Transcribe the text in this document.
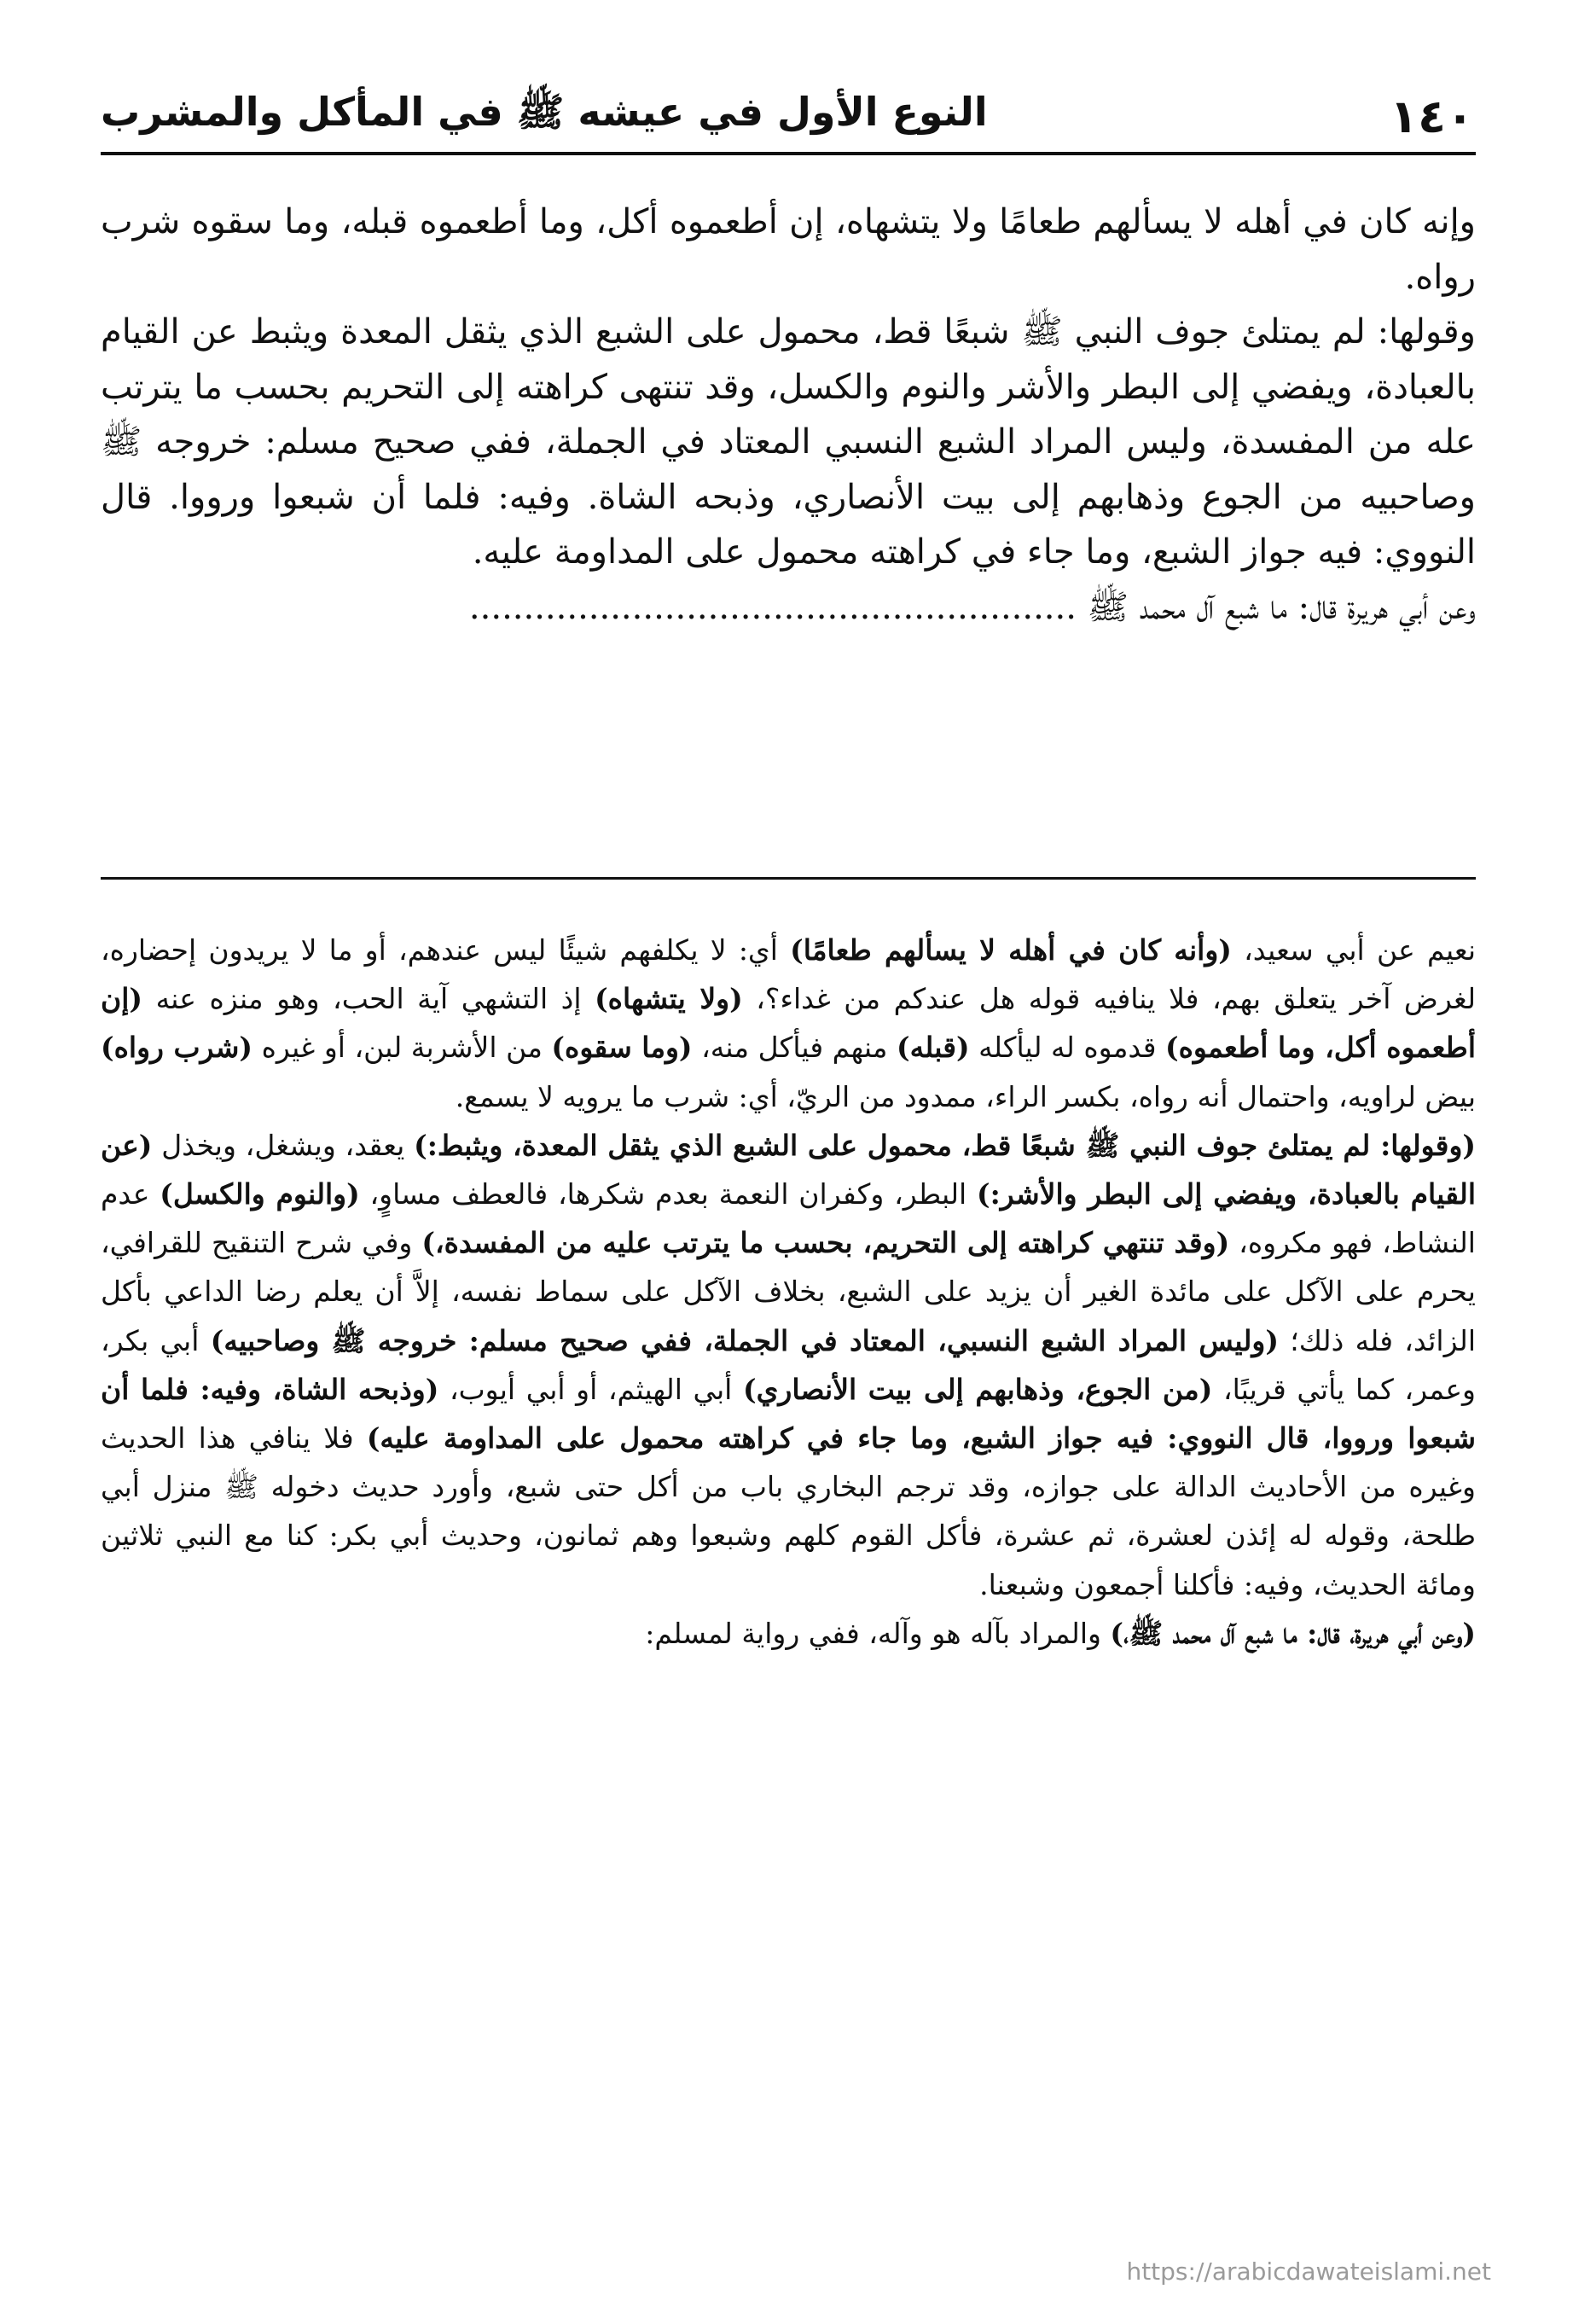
١٤٠
النوع الأول في عيشه ﷺ في المأكل والمشرب

وإنه كان في أهله لا يسألهم طعامًا ولا يتشهاه، إن أطعموه أكل، وما أطعموه قبله، وما سقوه شرب رواه.

وقولها: لم يمتلئ جوف النبي ﷺ شبعًا قط، محمول على الشبع الذي يثقل المعدة ويثبط عن القيام بالعبادة، ويفضي إلى البطر والأشر والنوم والكسل، وقد تنتهى كراهته إلى التحريم بحسب ما يترتب عله من المفسدة، وليس المراد الشبع النسبي المعتاد في الجملة، ففي صحيح مسلم: خروجه ﷺ وصاحبيه من الجوع وذهابهم إلى بيت الأنصاري، وذبحه الشاة. وفيه: فلما أن شبعوا ورووا. قال النووي: فيه جواز الشبع، وما جاء في كراهته محمول على المداومة عليه.

وعن أبي هريرة قال: ما شبع آل محمد ﷺ ........................................................

نعيم عن أبي سعيد، (وأنه كان في أهله لا يسألهم طعامًا) أي: لا يكلفهم شيئًا ليس عندهم، أو ما لا يريدون إحضاره، لغرض آخر يتعلق بهم، فلا ينافيه قوله هل عندكم من غداء؟، (ولا يتشهاه) إذ التشهي آية الحب، وهو منزه عنه (إن أطعموه أكل، وما أطعموه) قدموه له ليأكله (قبله) منهم فيأكل منه، (وما سقوه) من الأشربة لبن، أو غيره (شرب رواه) بيض لراويه، واحتمال أنه رواه، بكسر الراء، ممدود من الريّ، أي: شرب ما يرويه لا يسمع.

(وقولها: لم يمتلئ جوف النبي ﷺ شبعًا قط، محمول على الشبع الذي يثقل المعدة، ويثبط:) يعقد، ويشغل، ويخذل (عن القيام بالعبادة، ويفضي إلى البطر والأشر:) البطر، وكفران النعمة بعدم شكرها، فالعطف مساوٍ، (والنوم والكسل) عدم النشاط، فهو مكروه، (وقد تنتهي كراهته إلى التحريم، بحسب ما يترتب عليه من المفسدة،) وفي شرح التنقيح للقرافي، يحرم على الآكل على مائدة الغير أن يزيد على الشبع، بخلاف الآكل على سماط نفسه، إلاَّ أن يعلم رضا الداعي بأكل الزائد، فله ذلك؛ (وليس المراد الشبع النسبي، المعتاد في الجملة، ففي صحيح مسلم: خروجه ﷺ وصاحبيه) أبي بكر، وعمر، كما يأتي قريبًا، (من الجوع، وذهابهم إلى بيت الأنصاري) أبي الهيثم، أو أبي أيوب، (وذبحه الشاة، وفيه: فلما أن شبعوا ورووا، قال النووي: فيه جواز الشبع، وما جاء في كراهته محمول على المداومة عليه) فلا ينافي هذا الحديث وغيره من الأحاديث الدالة على جوازه، وقد ترجم البخاري باب من أكل حتى شبع، وأورد حديث دخوله ﷺ منزل أبي طلحة، وقوله له إئذن لعشرة، ثم عشرة، فأكل القوم كلهم وشبعوا وهم ثمانون، وحديث أبي بكر: كنا مع النبي ثلاثين ومائة الحديث، وفيه: فأكلنا أجمعون وشبعنا.

(وعن أبي هريرة، قال: ما شبع آل محمد ﷺ،) والمراد بآله هو وآله، ففي رواية لمسلم:

https://arabicdawateislami.net
